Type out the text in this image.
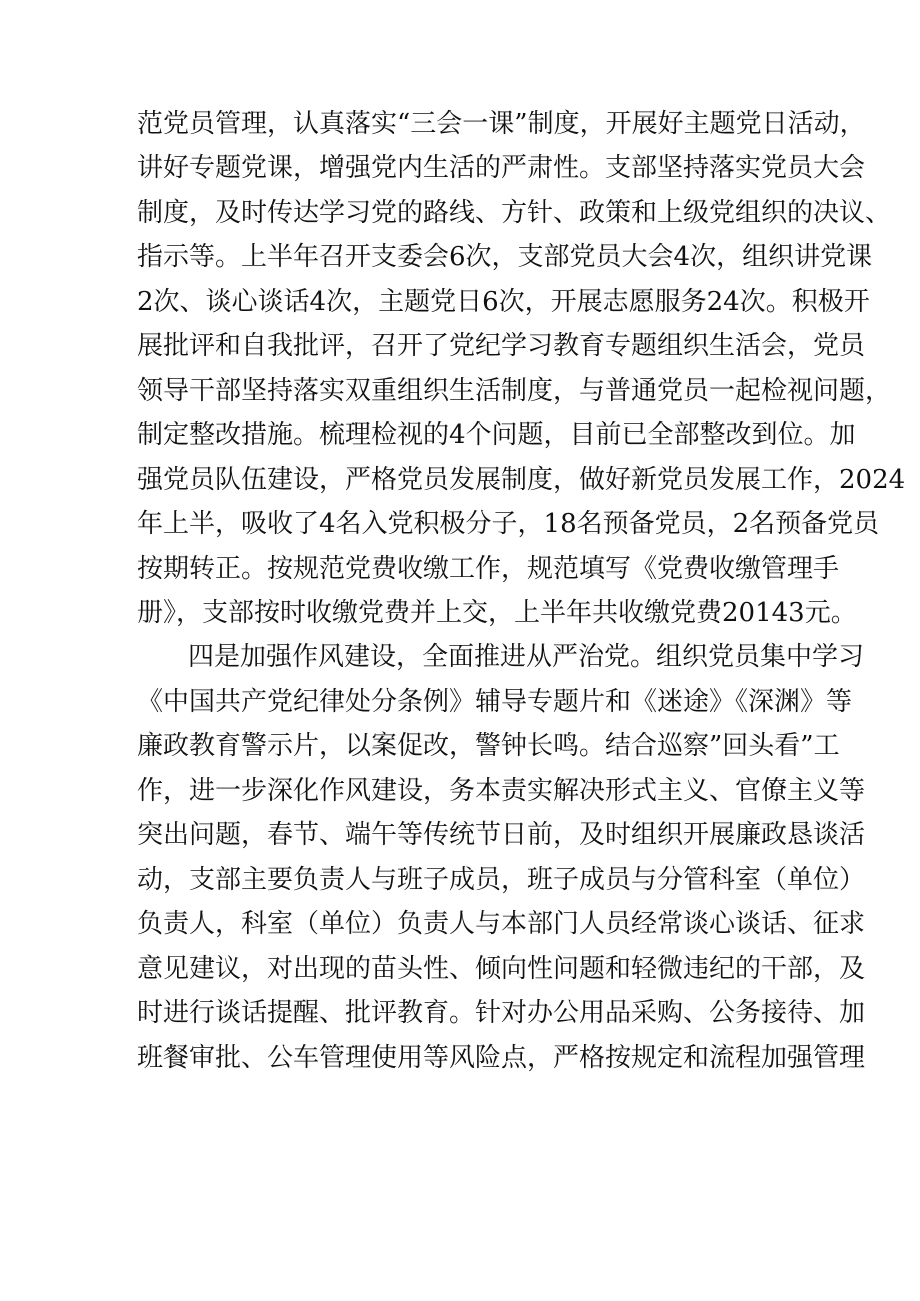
范党员管理，认真落实“三会一课”制度，开展好主题党日活动，
讲好专题党课，增强党内生活的严肃性。支部坚持落实党员大会
制度，及时传达学习党的路线、方针、政策和上级党组织的决议、
指示等。上半年召开支委会6次，支部党员大会4次，组织讲党课
2次、谈心谈话4次，主题党日6次，开展志愿服务24次。积极开
展批评和自我批评，召开了党纪学习教育专题组织生活会，党员
领导干部坚持落实双重组织生活制度，与普通党员一起检视问题，
制定整改措施。梳理检视的4个问题，目前已全部整改到位。加
强党员队伍建设，严格党员发展制度，做好新党员发展工作，2024
年上半，吸收了4名入党积极分子，18名预备党员，2名预备党员
按期转正。按规范党费收缴工作，规范填写《党费收缴管理手
册》，支部按时收缴党费并上交，上半年共收缴党费20143元。
四是加强作风建设，全面推进从严治党。组织党员集中学习
《中国共产党纪律处分条例》辅导专题片和《迷途》《深渊》等
廉政教育警示片，以案促改，警钟长鸣。结合巡察”回头看”工
作，进一步深化作风建设，务本责实解决形式主义、官僚主义等
突出问题，春节、端午等传统节日前，及时组织开展廉政恳谈活
动，支部主要负责人与班子成员，班子成员与分管科室（单位）
负责人，科室（单位）负责人与本部门人员经常谈心谈话、征求
意见建议，对出现的苗头性、倾向性问题和轻微违纪的干部，及
时进行谈话提醒、批评教育。针对办公用品采购、公务接待、加
班餐审批、公车管理使用等风险点，严格按规定和流程加强管理
